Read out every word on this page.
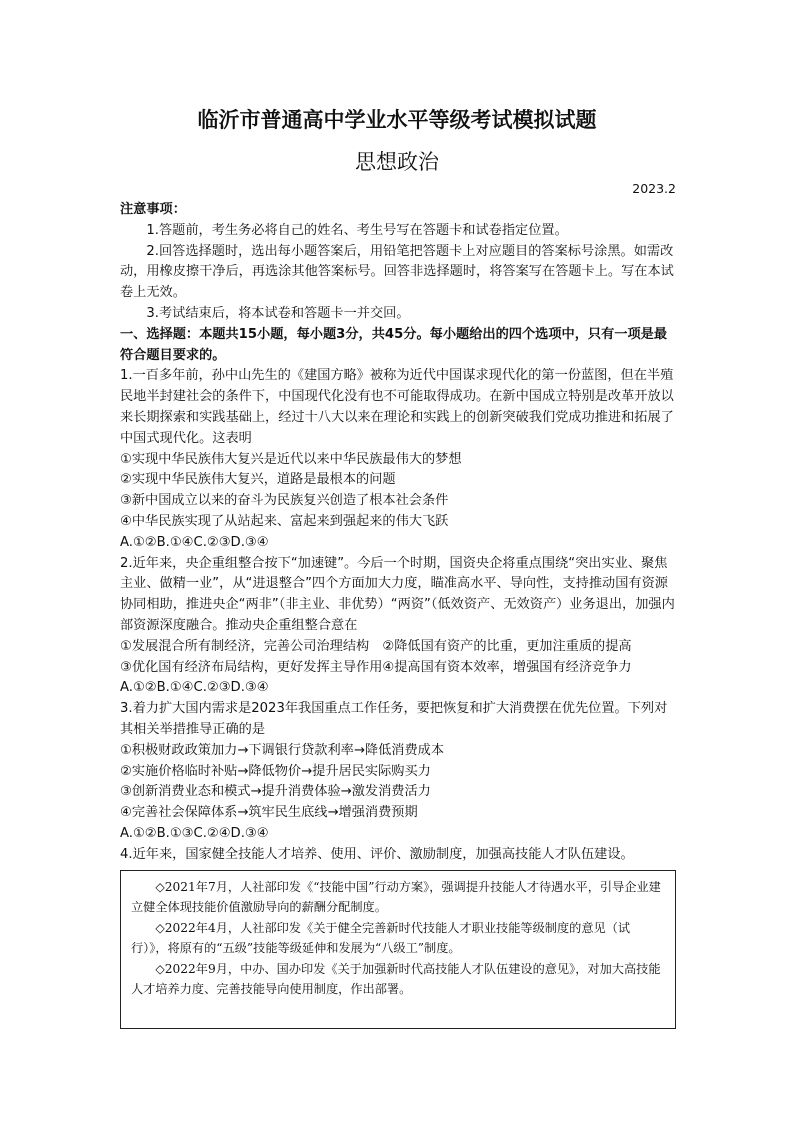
临沂市普通高中学业水平等级考试模拟试题
思想政治
2023.2

注意事项：

1.答题前，考生务必将自己的姓名、考生号写在答题卡和试卷指定位置。

2.回答选择题时，选出每小题答案后，用铅笔把答题卡上对应题目的答案标号涂黑。如需改动，用橡皮擦干净后，再选涂其他答案标号。回答非选择题时，将答案写在答题卡上。写在本试卷上无效。

3.考试结束后，将本试卷和答题卡一并交回。

一、选择题：本题共15小题，每小题3分，共45分。每小题给出的四个选项中，只有一项是最符合题目要求的。

1.一百多年前，孙中山先生的《建国方略》被称为近代中国谋求现代化的第一份蓝图，但在半殖民地半封建社会的条件下，中国现代化没有也不可能取得成功。在新中国成立特别是改革开放以来长期探索和实践基础上，经过十八大以来在理论和实践上的创新突破我们党成功推进和拓展了中国式现代化。这表明

①实现中华民族伟大复兴是近代以来中华民族最伟大的梦想

②实现中华民族伟大复兴，道路是最根本的问题

③新中国成立以来的奋斗为民族复兴创造了根本社会条件

④中华民族实现了从站起来、富起来到强起来的伟大飞跃

A.①②B.①④C.②③D.③④

2.近年来，央企重组整合按下“加速键”。今后一个时期，国资央企将重点围绕“突出实业、聚焦主业、做精一业”，从“进退整合”四个方面加大力度，瞄准高水平、导向性，支持推动国有资源协同相助，推进央企“两非”（非主业、非优势）“两资”（低效资产、无效资产）业务退出，加强内部资源深度融合。推动央企重组整合意在

①发展混合所有制经济，完善公司治理结构　②降低国有资产的比重，更加注重质的提高

③优化国有经济布局结构，更好发挥主导作用④提高国有资本效率，增强国有经济竞争力

A.①②B.①④C.②③D.③④

3.着力扩大国内需求是2023年我国重点工作任务，要把恢复和扩大消费摆在优先位置。下列对其相关举措推导正确的是

①积极财政政策加力→下调银行贷款利率→降低消费成本

②实施价格临时补贴→降低物价→提升居民实际购买力

③创新消费业态和模式→提升消费体验→激发消费活力

④完善社会保障体系→筑牢民生底线→增强消费预期

A.①②B.①③C.②④D.③④

4.近年来，国家健全技能人才培养、使用、评价、激励制度，加强高技能人才队伍建设。

◇2021年7月，人社部印发《“技能中国”行动方案》，强调提升技能人才待遇水平，引导企业建立健全体现技能价值激励导向的薪酬分配制度。

◇2022年4月，人社部印发《关于健全完善新时代技能人才职业技能等级制度的意见（试行）》，将原有的“五级”技能等级延伸和发展为“八级工”制度。

◇2022年9月，中办、国办印发《关于加强新时代高技能人才队伍建设的意见》，对加大高技能人才培养力度、完善技能导向使用制度，作出部署。
